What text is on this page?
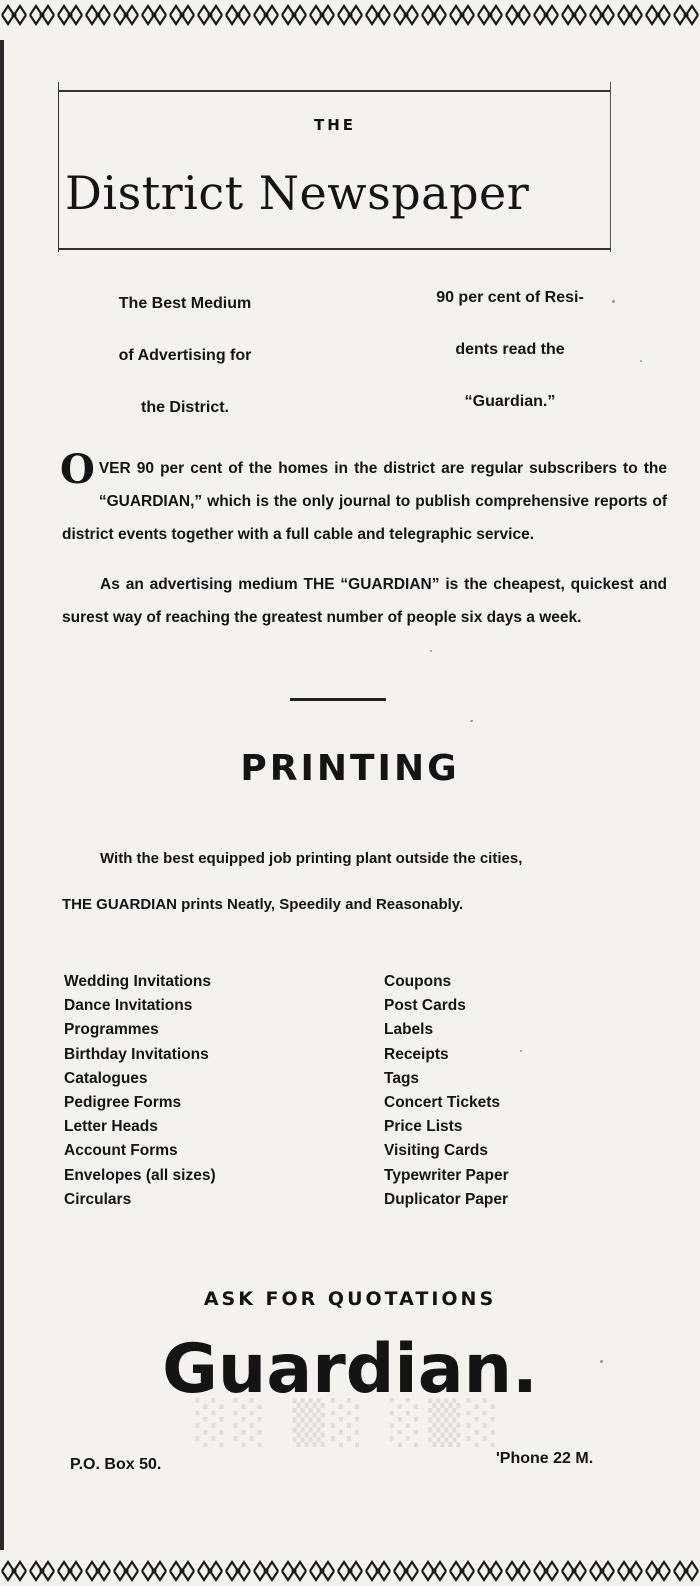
THE
District Newspaper
The Best Medium
of Advertising for
the District.
90 per cent of Resi-
dents read the
“Guardian.”
OVER 90 per cent of the homes in the district are regular subscribers to the “GUARDIAN,” which is the only journal to publish comprehensive reports of district events together with a full cable and telegraphic service.
As an advertising medium THE “GUARDIAN” is the cheapest, quickest and surest way of reaching the greatest number of people six days a week.
PRINTING
With the best equipped job printing plant outside the cities,
THE GUARDIAN prints Neatly, Speedily and Reasonably.
Wedding Invitations
Dance Invitations
Programmes
Birthday Invitations
Catalogues
Pedigree Forms
Letter Heads
Account Forms
Envelopes (all sizes)
Circulars
Coupons
Post Cards
Labels
Receipts
Tags
Concert Tickets
Price Lists
Visiting Cards
Typewriter Paper
Duplicator Paper
ASK FOR QUOTATIONS
Guardian.
░░ ▒░ ░▒░
P.O. Box 50.	'Phone 22 M.
